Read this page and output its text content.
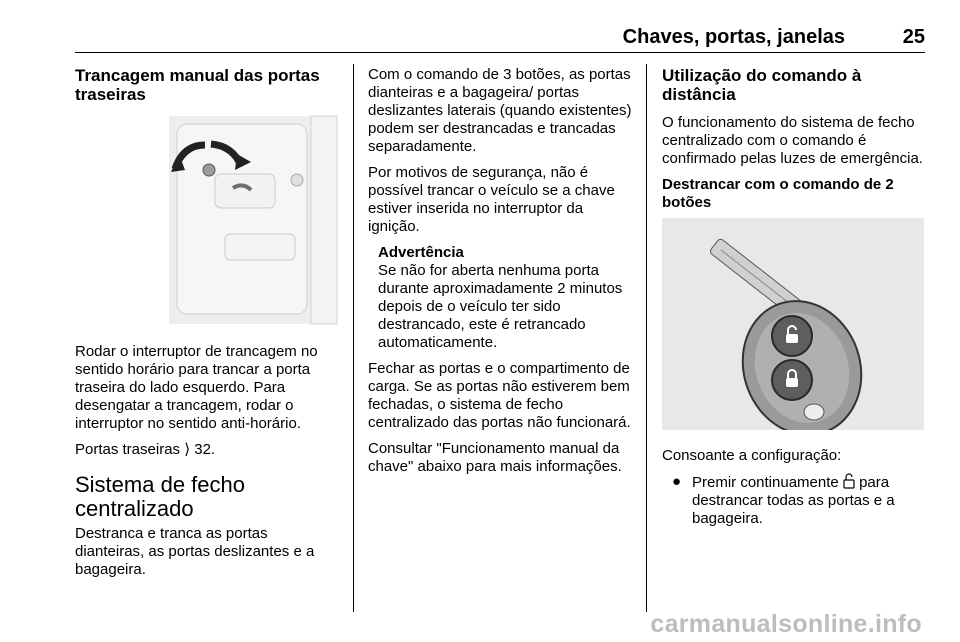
Chaves, portas, janelas	25
Trancagem manual das portas traseiras

Rodar o interruptor de trancagem no sentido horário para trancar a porta traseira do lado esquerdo. Para desengatar a trancagem, rodar o interruptor no sentido anti-horário.

Portas traseiras ⟩ 32.

Sistema de fecho centralizado

Destranca e tranca as portas dianteiras, as portas deslizantes e a bagageira.

Com o comando de 3 botões, as portas dianteiras e a bagageira/ portas deslizantes laterais (quando existentes) podem ser destrancadas e trancadas separadamente.

Por motivos de segurança, não é possível trancar o veículo se a chave estiver inserida no interruptor da ignição.

Advertência
Se não for aberta nenhuma porta durante aproximadamente 2 minutos depois de o veículo ter sido destrancado, este é retrancado automaticamente.

Fechar as portas e o compartimento de carga. Se as portas não estiverem bem fechadas, o sistema de fecho centralizado das portas não funcionará.

Consultar "Funcionamento manual da chave" abaixo para mais informações.

Utilização do comando à distância

O funcionamento do sistema de fecho centralizado com o comando é confirmado pelas luzes de emergência.

Destrancar com o comando de 2 botões

Consoante a configuração:

● Premir continuamente  para destrancar todas as portas e a bagageira.
carmanualsonline.info
